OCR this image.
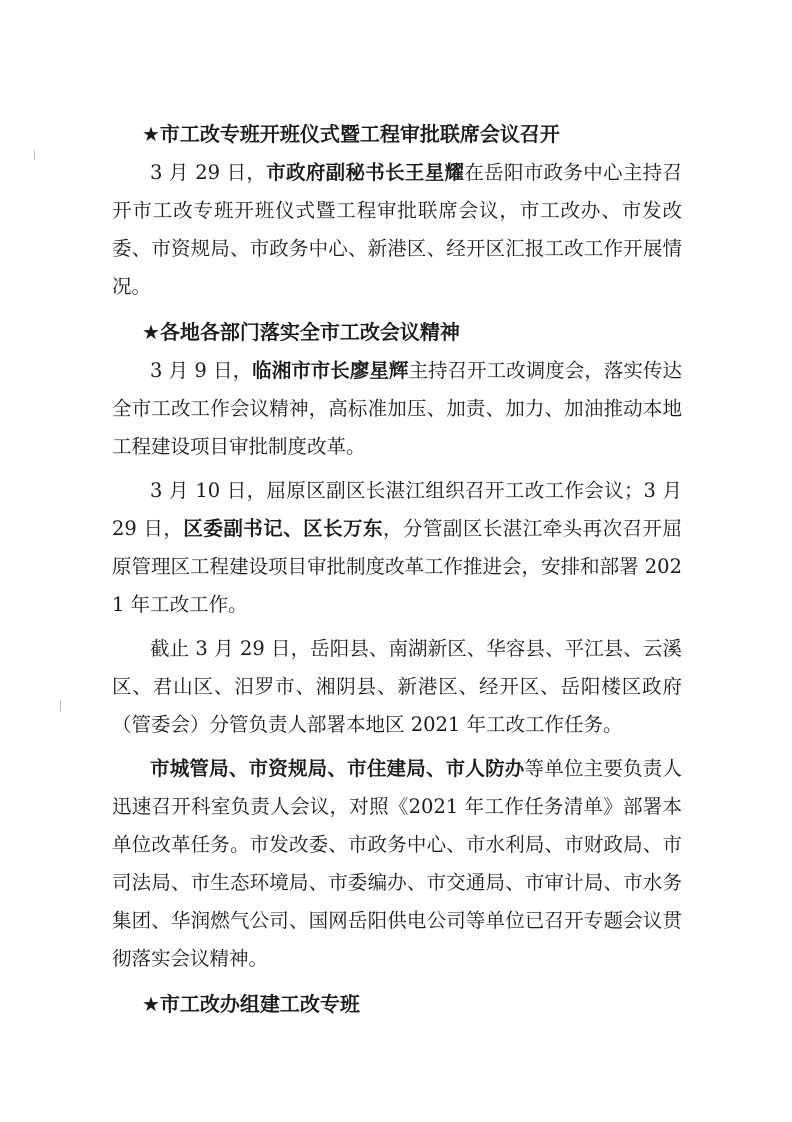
★市工改专班开班仪式暨工程审批联席会议召开

3 月 29 日，市政府副秘书长王星耀在岳阳市政务中心主持召开市工改专班开班仪式暨工程审批联席会议，市工改办、市发改委、市资规局、市政务中心、新港区、经开区汇报工改工作开展情况。

★各地各部门落实全市工改会议精神

3 月 9 日，临湘市市长廖星辉主持召开工改调度会，落实传达全市工改工作会议精神，高标准加压、加责、加力、加油推动本地工程建设项目审批制度改革。

3 月 10 日，屈原区副区长湛江组织召开工改工作会议；3 月 29 日，区委副书记、区长万东，分管副区长湛江牵头再次召开屈原管理区工程建设项目审批制度改革工作推进会，安排和部署 2021 年工改工作。

截止 3 月 29 日，岳阳县、南湖新区、华容县、平江县、云溪区、君山区、汨罗市、湘阴县、新港区、经开区、岳阳楼区政府（管委会）分管负责人部署本地区 2021 年工改工作任务。

市城管局、市资规局、市住建局、市人防办等单位主要负责人迅速召开科室负责人会议，对照《2021 年工作任务清单》部署本单位改革任务。市发改委、市政务中心、市水利局、市财政局、市司法局、市生态环境局、市委编办、市交通局、市审计局、市水务集团、华润燃气公司、国网岳阳供电公司等单位已召开专题会议贯彻落实会议精神。

★市工改办组建工改专班
